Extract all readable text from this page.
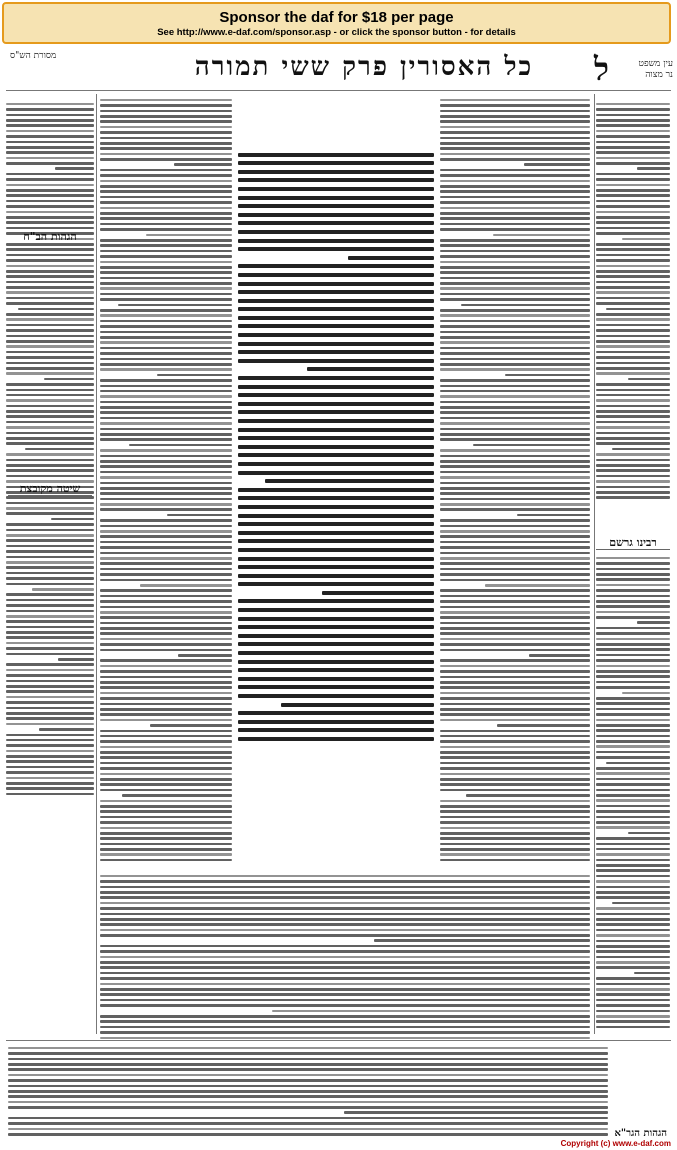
Sponsor the daf for $18 per page
See http://www.e-daf.com/sponsor.asp - or click the sponsor button - for details
מסורת הש"ס	כל האסורין פרק ששי תמורה	ל	עין משפט נר מצוה
רבינו גרשם
הגהות הב"ח
שיטה מקובצת
הגהות הגר"א
Copyright (c) www.e-daf.com
